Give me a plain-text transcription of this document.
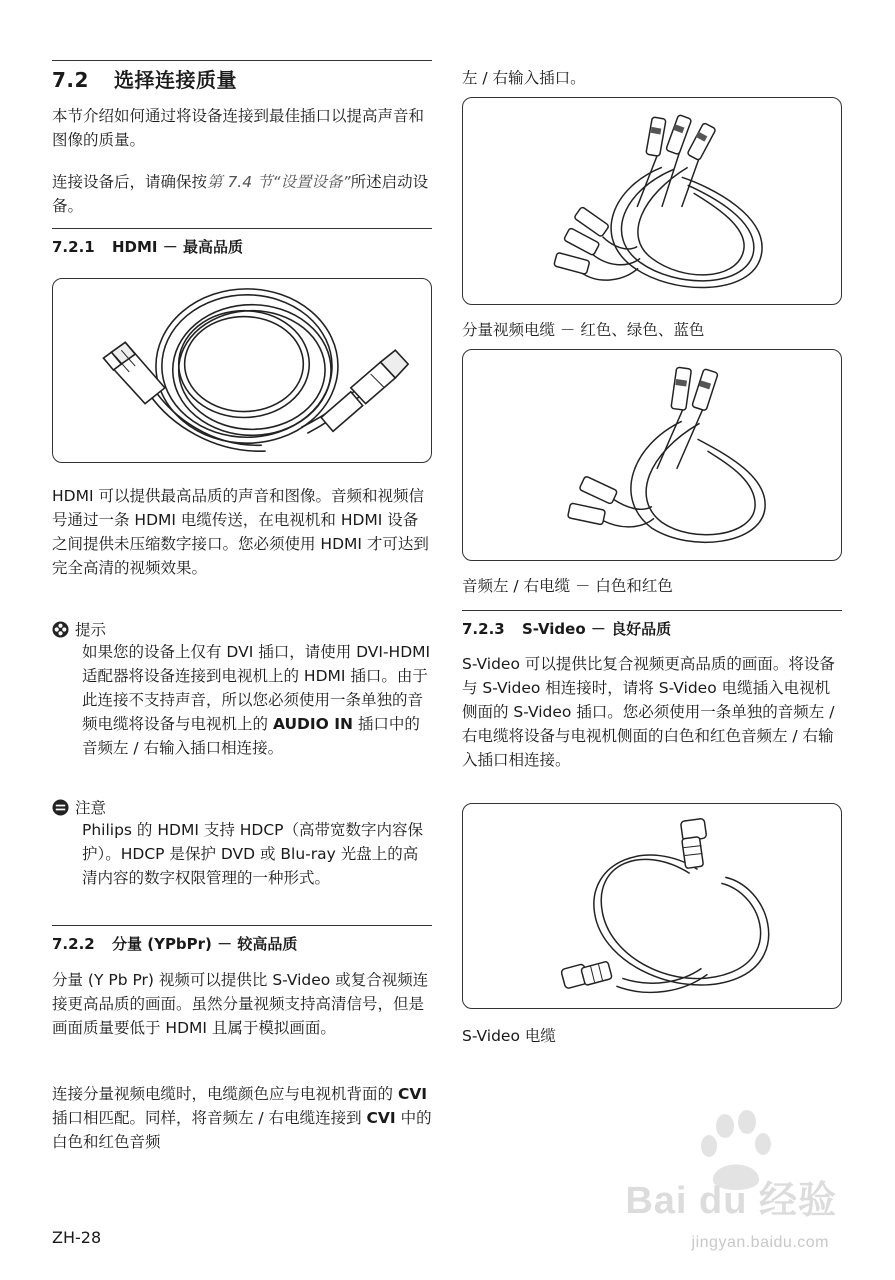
7.2 选择连接质量
本节介绍如何通过将设备连接到最佳插口以提高声音和图像的质量。
连接设备后，请确保按第 7.4 节“设置设备”所述启动设备。
7.2.1 HDMI － 最高品质
HDMI 可以提供最高品质的声音和图像。音频和视频信号通过一条 HDMI 电缆传送，在电视机和 HDMI 设备之间提供未压缩数字接口。您必须使用 HDMI 才可达到完全高清的视频效果。
提示
如果您的设备上仅有 DVI 插口，请使用 DVI-HDMI 适配器将设备连接到电视机上的 HDMI 插口。由于此连接不支持声音，所以您必须使用一条单独的音频电缆将设备与电视机上的 AUDIO IN 插口中的音频左 / 右输入插口相连接。
注意
Philips 的 HDMI 支持 HDCP（高带宽数字内容保护）。HDCP 是保护 DVD 或 Blu-ray 光盘上的高清内容的数字权限管理的一种形式。
7.2.2 分量 (YPbPr) － 较高品质
分量 (Y Pb Pr) 视频可以提供比 S-Video 或复合视频连接更高品质的画面。虽然分量视频支持高清信号，但是画面质量要低于 HDMI 且属于模拟画面。
连接分量视频电缆时，电缆颜色应与电视机背面的 CVI 插口相匹配。同样，将音频左 / 右电缆连接到 CVI 中的白色和红色音频
ZH-28
左 / 右输入插口。
分量视频电缆 － 红色、绿色、蓝色
音频左 / 右电缆 － 白色和红色
7.2.3 S-Video － 良好品质
S-Video 可以提供比复合视频更高品质的画面。将设备与 S-Video 相连接时，请将 S-Video 电缆插入电视机侧面的 S-Video 插口。您必须使用一条单独的音频左 / 右电缆将设备与电视机侧面的白色和红色音频左 / 右输入插口相连接。
S-Video 电缆
Bai du 经验
jingyan.baidu.com
